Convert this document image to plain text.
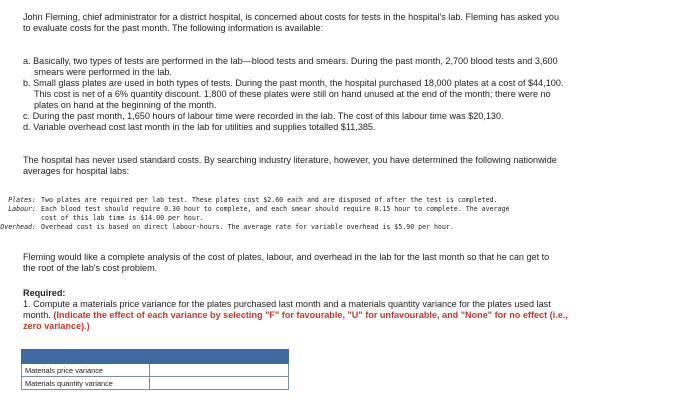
John Fleming, chief administrator for a district hospital, is concerned about costs for tests in the hospital's lab. Fleming has asked you

to evaluate costs for the past month. The following information is available:

a. Basically, two types of tests are performed in the lab—blood tests and smears. During the past month, 2,700 blood tests and 3,600

smears were performed in the lab.

b. Small glass plates are used in both types of tests. During the past month, the hospital purchased 18,000 plates at a cost of $44,100.

This cost is net of a 6% quantity discount. 1,800 of these plates were still on hand unused at the end of the month; there were no

plates on hand at the beginning of the month.

c. During the past month, 1,650 hours of labour time were recorded in the lab. The cost of this labour time was $20,130.

d. Variable overhead cost last month in the lab for utilities and supplies totalled $11,385.

The hospital has never used standard costs. By searching industry literature, however, you have determined the following nationwide

averages for hospital labs:

Plates: Two plates are required per lab test. These plates cost $2.60 each and are disposed of after the test is completed.
Labour: Each blood test should require 0.30 hour to complete, and each smear should require 0.15 hour to complete. The average
cost of this lab time is $14.00 per hour.
Overhead: Overhead cost is based on direct labour-hours. The average rate for variable overhead is $5.90 per hour.

Fleming would like a complete analysis of the cost of plates, labour, and overhead in the lab for the last month so that he can get to

the root of the lab's cost problem.

Required:

1. Compute a materials price variance for the plates purchased last month and a materials quantity variance for the plates used last

month. (Indicate the effect of each variance by selecting "F" for favourable, "U" for unfavourable, and "None" for no effect (i.e.,

zero variance).)

Materials price variance	
Materials quantity variance	
